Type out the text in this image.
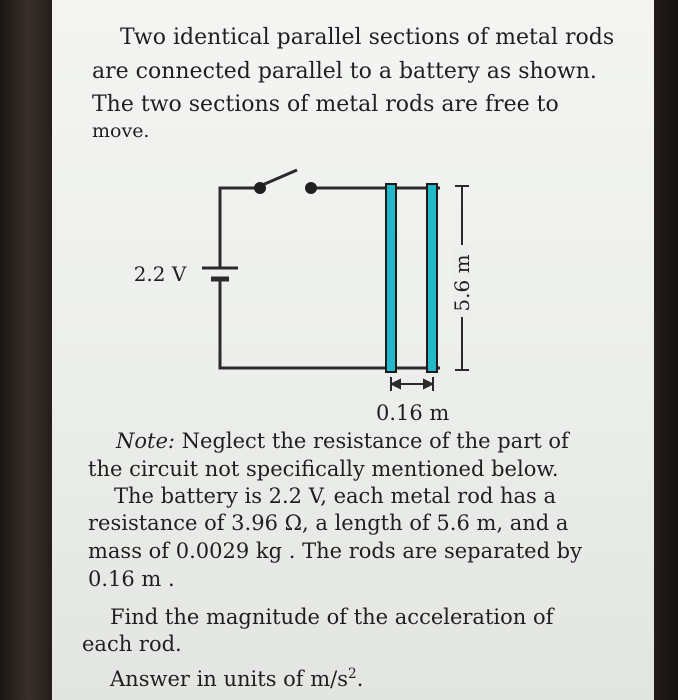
Two identical parallel sections of metal rods

are connected parallel to a battery as shown.

The two sections of metal rods are free to

move.

5.6 m
2.2 V

0.16 m

Note: Neglect the resistance of the part of

the circuit not specifically mentioned below.

The battery is 2.2 V, each metal rod has a

resistance of 3.96 Ω, a length of 5.6 m, and a

mass of 0.0029 kg . The rods are separated by

0.16 m .

Find the magnitude of the acceleration of

each rod.

Answer in units of $m/s^2$.
